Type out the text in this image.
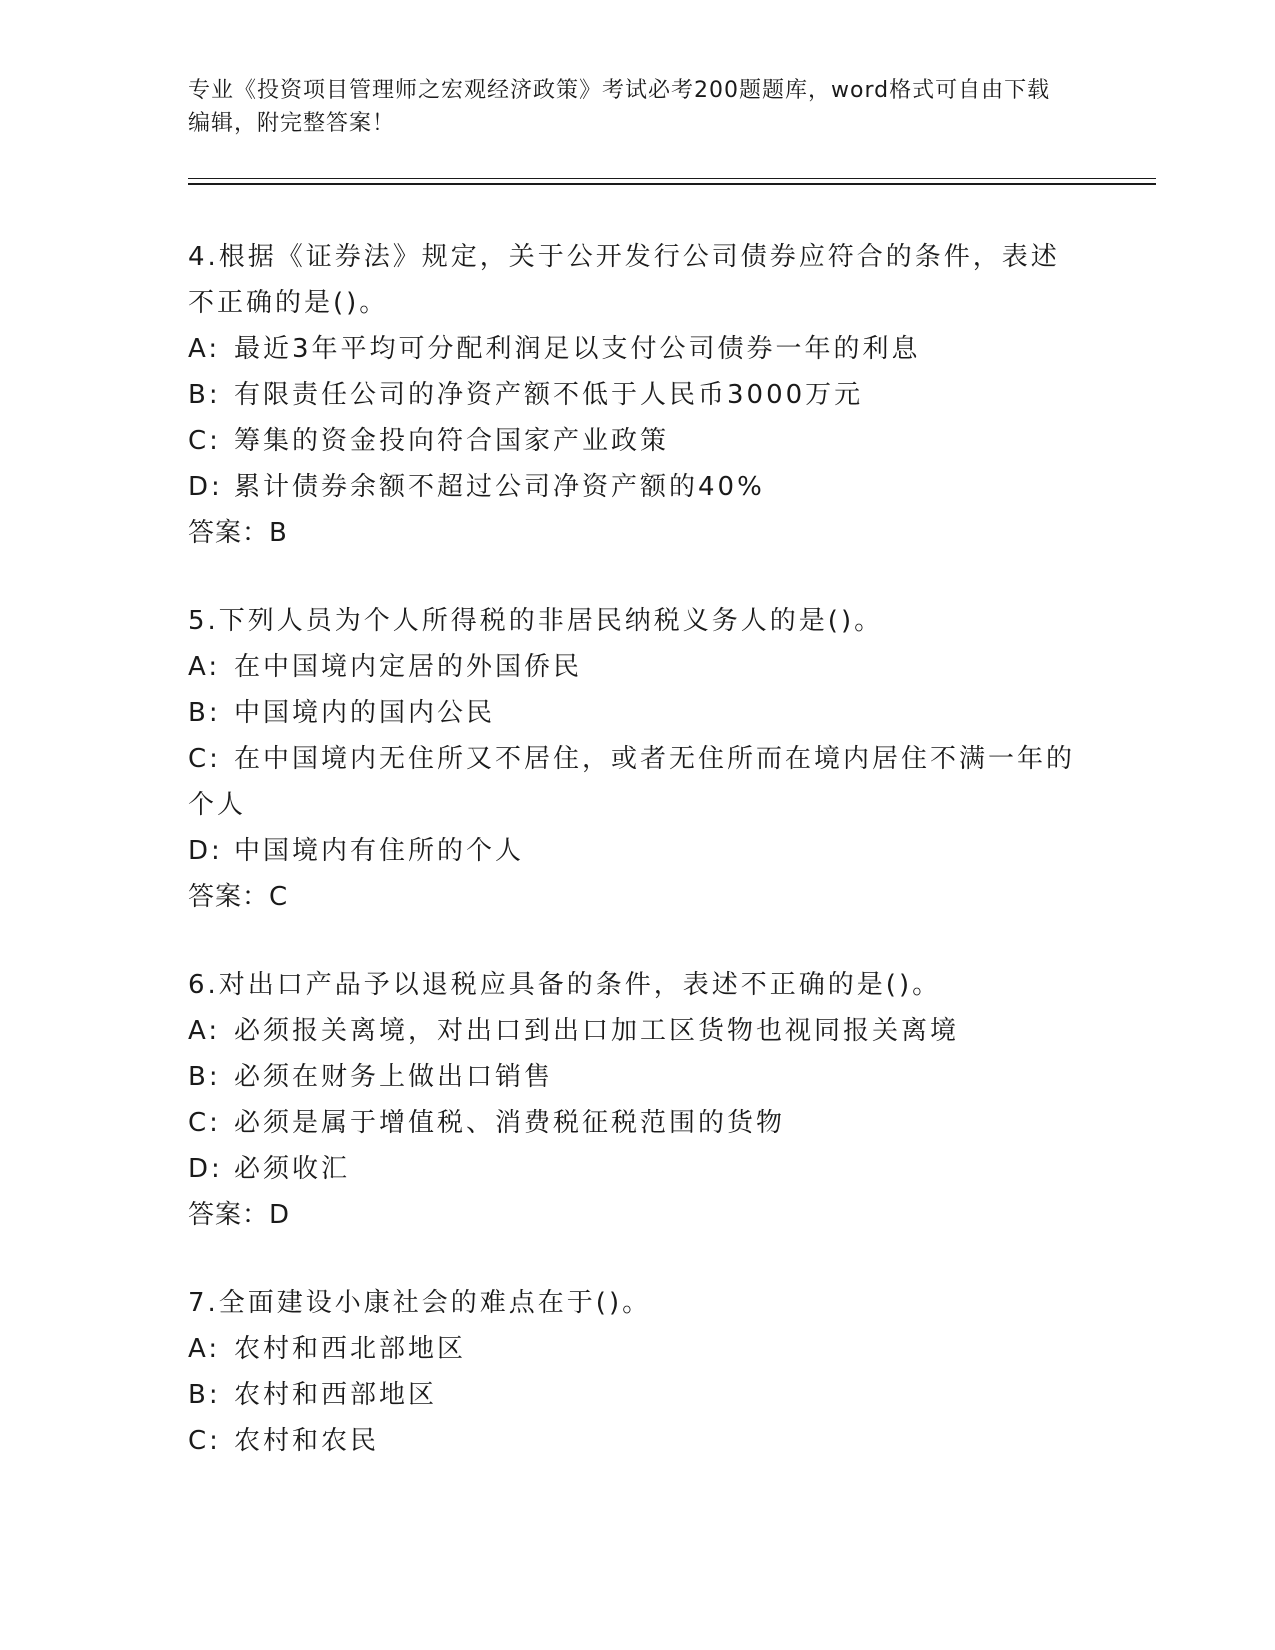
专业《投资项目管理师之宏观经济政策》考试必考200题题库，word格式可自由下载编辑，附完整答案！
4.根据《证券法》规定，关于公开发行公司债券应符合的条件，表述不正确的是()。
A: 最近3年平均可分配利润足以支付公司债券一年的利息
B: 有限责任公司的净资产额不低于人民币3000万元
C: 筹集的资金投向符合国家产业政策
D: 累计债券余额不超过公司净资产额的40%
答案：B
5.下列人员为个人所得税的非居民纳税义务人的是()。
A: 在中国境内定居的外国侨民
B: 中国境内的国内公民
C: 在中国境内无住所又不居住，或者无住所而在境内居住不满一年的个人
D: 中国境内有住所的个人
答案：C
6.对出口产品予以退税应具备的条件，表述不正确的是()。
A: 必须报关离境，对出口到出口加工区货物也视同报关离境
B: 必须在财务上做出口销售
C: 必须是属于增值税、消费税征税范围的货物
D: 必须收汇
答案：D
7.全面建设小康社会的难点在于()。
A: 农村和西北部地区
B: 农村和西部地区
C: 农村和农民
